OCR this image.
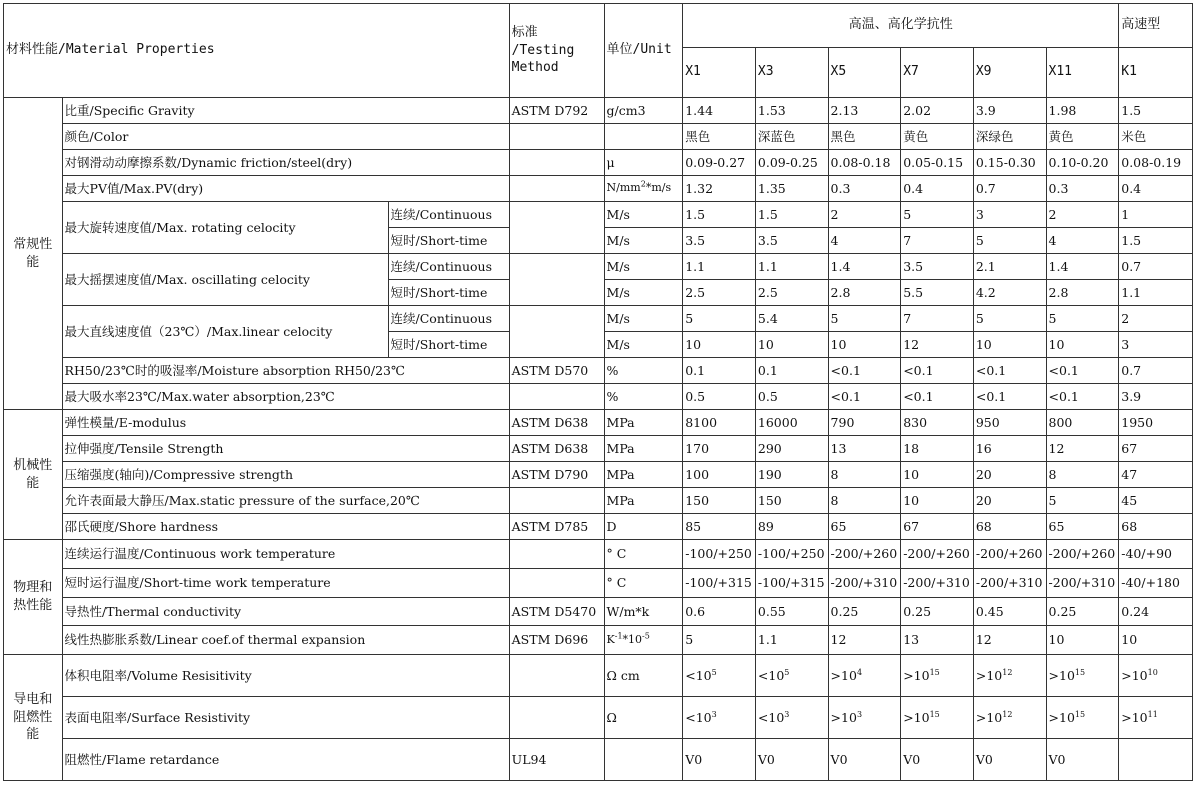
材料性能/Material Properties			标准
/Testing Method	单位/Unit	高温、高化学抗性						高速型
					X1	X3	X5	X7	X9	X11	K1
常规性能	比重/Specific Gravity		ASTM D792	g/cm3	1.44	1.53	2.13	2.02	3.9	1.98	1.5
	颜色/Color				黑色	深蓝色	黑色	黄色	深绿色	黄色	米色
	对钢滑动动摩擦系数/Dynamic friction/steel(dry)			μ	0.09-0.27	0.09-0.25	0.08-0.18	0.05-0.15	0.15-0.30	0.10-0.20	0.08-0.19
	最大PV值/Max.PV(dry)			$N/mm^2*m/s$	1.32	1.35	0.3	0.4	0.7	0.3	0.4
	最大旋转速度值/Max. rotating celocity	连续/Continuous		M/s	1.5	1.5	2	5	3	2	1
		短时/Short-time		M/s	3.5	3.5	4	7	5	4	1.5
	最大摇摆速度值/Max. oscillating celocity	连续/Continuous		M/s	1.1	1.1	1.4	3.5	2.1	1.4	0.7
		短时/Short-time		M/s	2.5	2.5	2.8	5.5	4.2	2.8	1.1
	最大直线速度值（23℃）/Max.linear celocity	连续/Continuous		M/s	5	5.4	5	7	5	5	2
		短时/Short-time		M/s	10	10	10	12	10	10	3
	RH50/23℃时的吸湿率/Moisture absorption RH50/23℃		ASTM D570	%	0.1	0.1	<0.1	<0.1	<0.1	<0.1	0.7
	最大吸水率23℃/Max.water absorption,23℃			%	0.5	0.5	<0.1	<0.1	<0.1	<0.1	3.9
机械性能	弹性模量/E-modulus		ASTM D638	MPa	8100	16000	790	830	950	800	1950
	拉伸强度/Tensile Strength		ASTM D638	MPa	170	290	13	18	16	12	67
	压缩强度(轴向)/Compressive strength		ASTM D790	MPa	100	190	8	10	20	8	47
	允许表面最大静压/Max.static pressure of the surface,20℃			MPa	150	150	8	10	20	5	45
	邵氏硬度/Shore hardness		ASTM D785	D	85	89	65	67	68	65	68
物理和热性能	连续运行温度/Continuous work temperature			° C	-100/+250	-100/+250	-200/+260	-200/+260	-200/+260	-200/+260	-40/+90
	短时运行温度/Short-time work temperature			° C	-100/+315	-100/+315	-200/+310	-200/+310	-200/+310	-200/+310	-40/+180
	导热性/Thermal conductivity		ASTM D5470	W/m*k	0.6	0.55	0.25	0.25	0.45	0.25	0.24
	线性热膨胀系数/Linear coef.of thermal expansion		ASTM D696	$K^{-1}*10^{-5}$	5	1.1	12	13	12	10	10
导电和阻燃性能	体积电阻率/Volume Resisitivity			Ω cm	$<10^5$	$<10^5$	$>10^4$	$>10^{15}$	$>10^{12}$	$>10^{15}$	$>10^{10}$
	表面电阻率/Surface Resistivity			Ω	$<10^3$	$<10^3$	$>10^3$	$>10^{15}$	$>10^{12}$	$>10^{15}$	$>10^{11}$
	阻燃性/Flame retardance		UL94		V0	V0	V0	V0	V0	V0	
